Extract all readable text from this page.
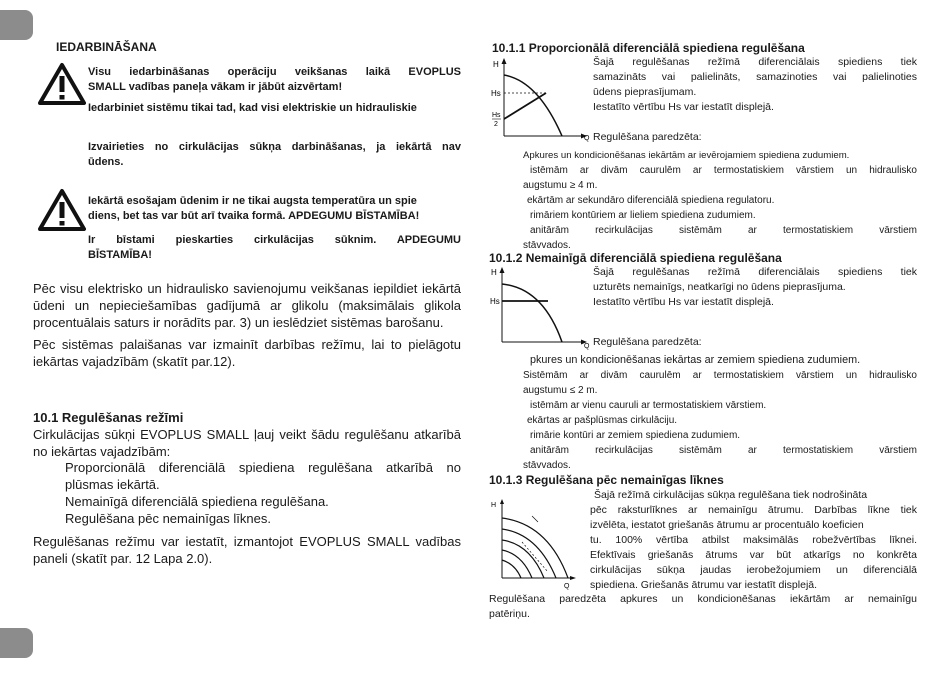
IEDARBINĀŠANA
Visu iedarbināšanas operāciju veikšanas laikā EVOPLUS
SMALL vadības paneļa vākam ir jābūt aizvērtam!
Iedarbiniet sistēmu tikai tad, kad visi elektriskie un hidrauliskie
Izvairieties no cirkulācijas sūkņa darbināšanas, ja iekārtā nav
ūdens.
Iekārtā esošajam ūdenim ir ne tikai augsta temperatūra un spie
diens, bet tas var būt arī tvaika formā. APDEGUMU BĪSTAMĪBA!
Ir bīstami pieskarties cirkulācijas sūknim. APDEGUMU
BĪSTAMĪBA!
Pēc visu elektrisko un hidraulisko savienojumu veikšanas iepildiet iekārtā
ūdeni un nepieciešamības gadījumā ar glikolu (maksimālais glikola
procentuālais saturs ir norādīts par. 3) un ieslēdziet sistēmas barošanu.
Pēc sistēmas palaišanas var izmainīt darbības režīmu, lai to pielāgotu
iekārtas vajadzībām (skatīt par.12).
10.1 Regulēšanas režīmi
Cirkulācijas sūkņi EVOPLUS SMALL ļauj veikt šādu regulēšanu atkarībā
no iekārtas vajadzībām:
Proporcionālā diferenciālā spiediena regulēšana atkarībā no
plūsmas iekārtā.
Nemainīgā diferenciālā spiediena regulēšana.
Regulēšana pēc nemainīgas līknes.
Regulēšanas režīmu var iestatīt, izmantojot EVOPLUS SMALL vadības
paneli (skatīt par. 12 Lapa 2.0).
10.1.1 Proporcionālā diferenciālā spiediena regulēšana
H
Hs
Hs
2
Q
Šajā regulēšanas režīmā diferenciālais spiediens tiek
samazināts vai palielināts, samazinoties vai palielinoties
ūdens pieprasījumam.
Iestatīto vērtību Hs var iestatīt displejā.
Regulēšana paredzēta:
Apkures un kondicionēšanas iekārtām ar ievērojamiem spiediena zudumiem.
istēmām ar divām caurulēm ar termostatiskiem vārstiem un hidraulisko
augstumu ≥ 4 m.
ekārtām ar sekundāro diferenciālā spiediena regulatoru.
rimāriem kontūriem ar lieliem spiediena zudumiem.
anitārām recirkulācijas sistēmām ar termostatiskiem vārstiem
stāvvados.
10.1.2 Nemainīgā diferenciālā spiediena regulēšana
H
Hs
Q
Šajā regulēšanas režīmā diferenciālais spiediens tiek
uzturēts nemainīgs, neatkarīgi no ūdens pieprasījuma.
Iestatīto vērtību Hs var iestatīt displejā.
Regulēšana paredzēta:
pkures un kondicionēšanas iekārtas ar zemiem spiediena zudumiem.
Sistēmām ar divām caurulēm ar termostatiskiem vārstiem un hidraulisko
augstumu ≤ 2 m.
istēmām ar vienu cauruli ar termostatiskiem vārstiem.
ekārtas ar pašplūsmas cirkulāciju.
rimārie kontūri ar zemiem spiediena zudumiem.
anitārām recirkulācijas sistēmām ar termostatiskiem vārstiem
stāvvados.
10.1.3 Regulēšana pēc nemainīgas līknes
H
Q
Šajā režīmā cirkulācijas sūkņa regulēšana tiek nodrošināta
pēc raksturlīknes ar nemainīgu ātrumu. Darbības līkne tiek
izvēlēta, iestatot griešanās ātrumu ar procentuālo koeficien
tu. 100% vērtība atbilst maksimālās robežvērtības līknei.
Efektīvais griešanās ātrums var būt atkarīgs no konkrēta
cirkulācijas sūkņa jaudas ierobežojumiem un diferenciālā
spiediena. Griešanās ātrumu var iestatīt displejā.
Regulēšana paredzēta apkures un kondicionēšanas iekārtām ar nemainīgu
patēriņu.
